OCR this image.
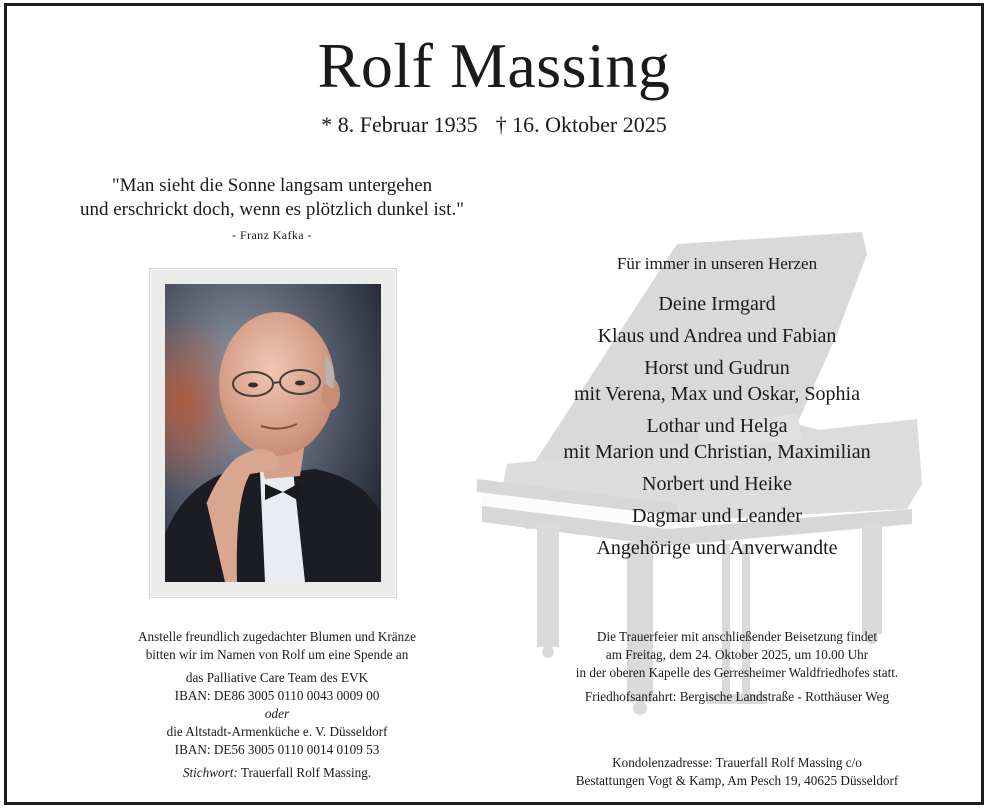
Rolf Massing
* 8. Februar 1935 † 16. Oktober 2025
"Man sieht die Sonne langsam untergehen
und erschrickt doch, wenn es plötzlich dunkel ist."
- Franz Kafka -
Für immer in unseren Herzen
Deine Irmgard
Klaus und Andrea und Fabian
Horst und Gudrun
mit Verena, Max und Oskar, Sophia
Lothar und Helga
mit Marion und Christian, Maximilian
Norbert und Heike
Dagmar und Leander
Angehörige und Anverwandte
Anstelle freundlich zugedachter Blumen und Kränze
bitten wir im Namen von Rolf um eine Spende an
das Palliative Care Team des EVK
IBAN: DE86 3005 0110 0043 0009 00
oder
die Altstadt-Armenküche e. V. Düsseldorf
IBAN: DE56 3005 0110 0014 0109 53
Stichwort: Trauerfall Rolf Massing.
Die Trauerfeier mit anschließender Beisetzung findet
am Freitag, dem 24. Oktober 2025, um 10.00 Uhr
in der oberen Kapelle des Gerresheimer Waldfriedhofes statt.
Friedhofsanfahrt: Bergische Landstraße - Rotthäuser Weg
Kondolenzadresse: Trauerfall Rolf Massing c/o
Bestattungen Vogt & Kamp, Am Pesch 19, 40625 Düsseldorf
